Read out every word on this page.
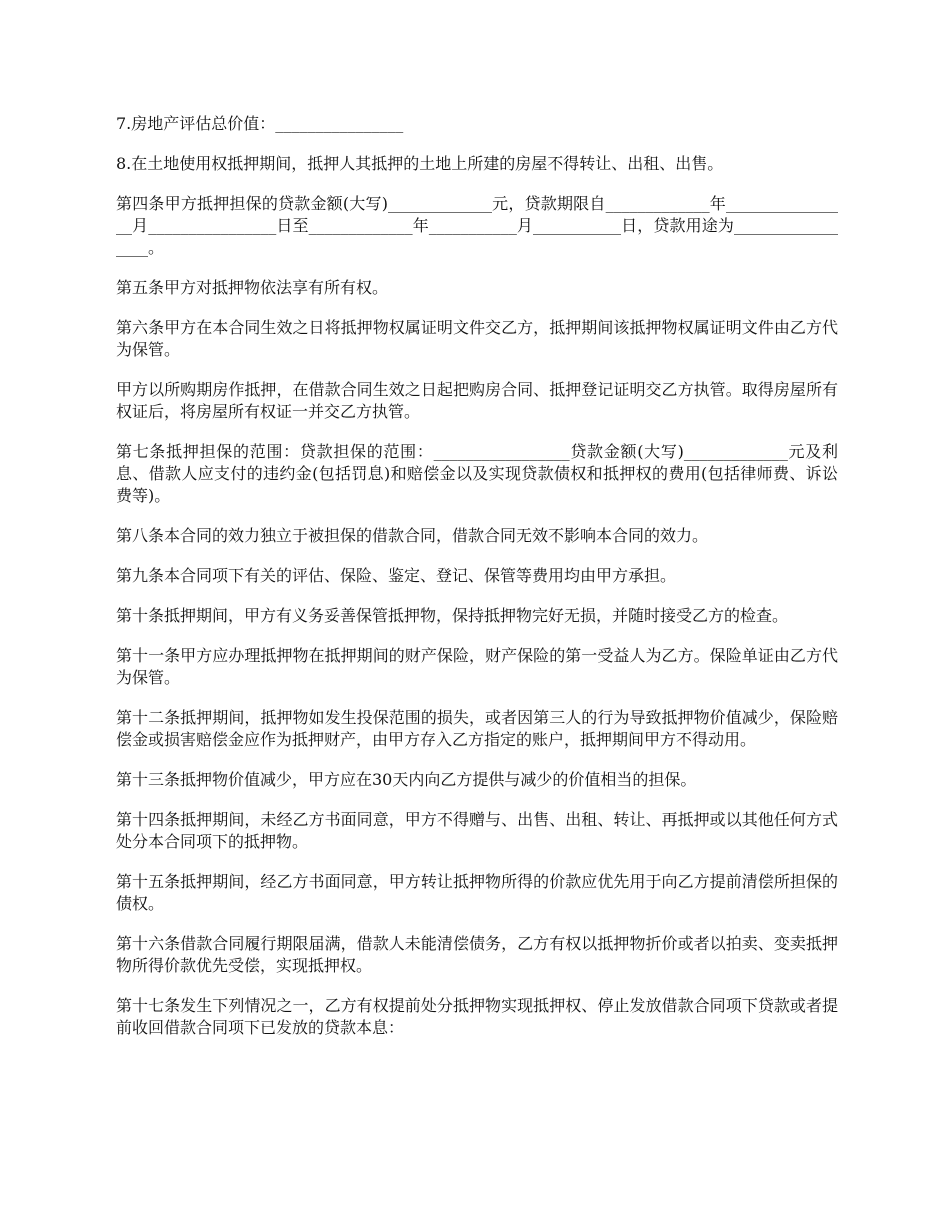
7.房地产评估总价值：________________

8.在土地使用权抵押期间，抵押人其抵押的土地上所建的房屋不得转让、出租、出售。

第四条甲方抵押担保的贷款金额(大写)_____________元，贷款期限自_____________年________________月________________日至_____________年___________月___________日，贷款用途为_________________。

第五条甲方对抵押物依法享有所有权。

第六条甲方在本合同生效之日将抵押物权属证明文件交乙方，抵押期间该抵押物权属证明文件由乙方代为保管。

甲方以所购期房作抵押，在借款合同生效之日起把购房合同、抵押登记证明交乙方执管。取得房屋所有权证后，将房屋所有权证一并交乙方执管。

第七条抵押担保的范围：贷款担保的范围：_________________贷款金额(大写)_____________元及利息、借款人应支付的违约金(包括罚息)和赔偿金以及实现贷款债权和抵押权的费用(包括律师费、诉讼费等)。

第八条本合同的效力独立于被担保的借款合同，借款合同无效不影响本合同的效力。

第九条本合同项下有关的评估、保险、鉴定、登记、保管等费用均由甲方承担。

第十条抵押期间，甲方有义务妥善保管抵押物，保持抵押物完好无损，并随时接受乙方的检查。

第十一条甲方应办理抵押物在抵押期间的财产保险，财产保险的第一受益人为乙方。保险单证由乙方代为保管。

第十二条抵押期间，抵押物如发生投保范围的损失，或者因第三人的行为导致抵押物价值减少，保险赔偿金或损害赔偿金应作为抵押财产，由甲方存入乙方指定的账户，抵押期间甲方不得动用。

第十三条抵押物价值减少，甲方应在30天内向乙方提供与减少的价值相当的担保。

第十四条抵押期间，未经乙方书面同意，甲方不得赠与、出售、出租、转让、再抵押或以其他任何方式处分本合同项下的抵押物。

第十五条抵押期间，经乙方书面同意，甲方转让抵押物所得的价款应优先用于向乙方提前清偿所担保的债权。

第十六条借款合同履行期限届满，借款人未能清偿债务，乙方有权以抵押物折价或者以拍卖、变卖抵押物所得价款优先受偿，实现抵押权。

第十七条发生下列情况之一，乙方有权提前处分抵押物实现抵押权、停止发放借款合同项下贷款或者提前收回借款合同项下已发放的贷款本息：
